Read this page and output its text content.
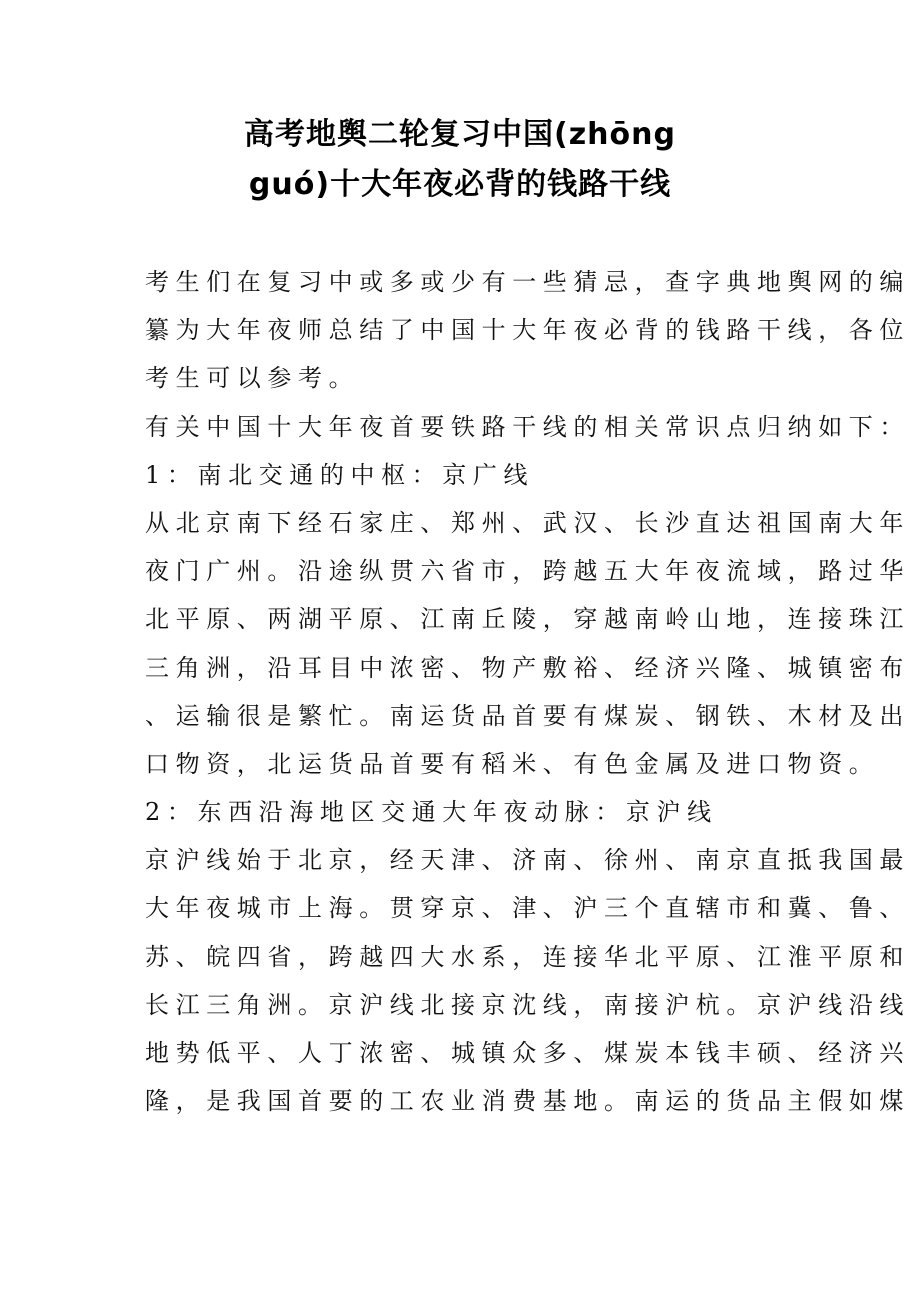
高考地舆二轮复习中国(zhōng
guó)十大年夜必背的钱路干线
考生们在复习中或多或少有一些猜忌，查字典地舆网的编
纂为大年夜师总结了中国十大年夜必背的钱路干线，各位
考生可以参考。
有关中国十大年夜首要铁路干线的相关常识点归纳如下：
1：南北交通的中枢：京广线
从北京南下经石家庄、郑州、武汉、长沙直达祖国南大年
夜门广州。沿途纵贯六省市，跨越五大年夜流域，路过华
北平原、两湖平原、江南丘陵，穿越南岭山地，连接珠江
三角洲，沿耳目中浓密、物产敷裕、经济兴隆、城镇密布
、运输很是繁忙。南运货品首要有煤炭、钢铁、木材及出
口物资，北运货品首要有稻米、有色金属及进口物资。
2：东西沿海地区交通大年夜动脉：京沪线
京沪线始于北京，经天津、济南、徐州、南京直抵我国最
大年夜城市上海。贯穿京、津、沪三个直辖市和冀、鲁、
苏、皖四省，跨越四大水系，连接华北平原、江淮平原和
长江三角洲。京沪线北接京沈线，南接沪杭。京沪线沿线
地势低平、人丁浓密、城镇众多、煤炭本钱丰硕、经济兴
隆，是我国首要的工农业消费基地。南运的货品主假如煤
